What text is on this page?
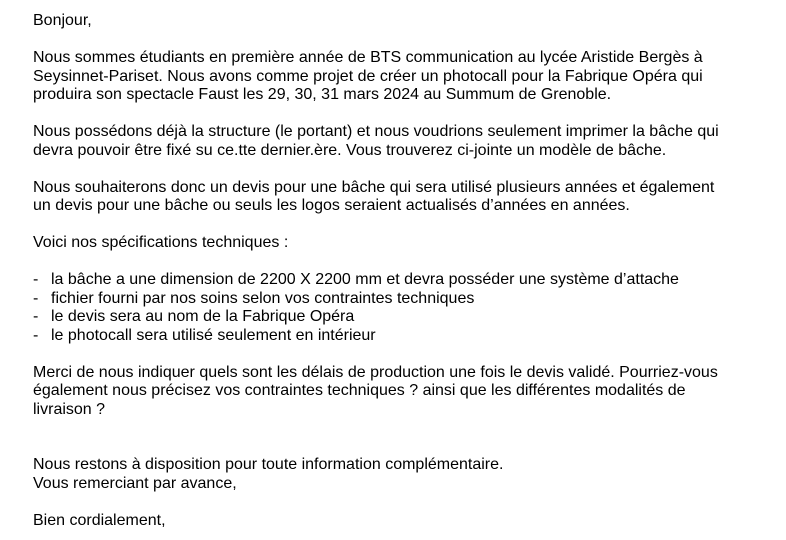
Bonjour,

Nous sommes étudiants en première année de BTS communication au lycée Aristide Bergès à
Seysinnet-Pariset. Nous avons comme projet de créer un photocall pour la Fabrique Opéra qui
produira son spectacle Faust les 29, 30, 31 mars 2024 au Summum de Grenoble.

Nous possédons déjà la structure (le portant) et nous voudrions seulement imprimer la bâche qui
devra pouvoir être fixé su ce.tte dernier.ère. Vous trouverez ci-jointe un modèle de bâche.

Nous souhaiterons donc un devis pour une bâche qui sera utilisé plusieurs années et également
un devis pour une bâche ou seuls les logos seraient actualisés d’années en années.

Voici nos spécifications techniques :

- la bâche a une dimension de 2200 X 2200 mm et devra posséder une système d’attache
- fichier fourni par nos soins selon vos contraintes techniques
- le devis sera au nom de la Fabrique Opéra
- le photocall sera utilisé seulement en intérieur

Merci de nous indiquer quels sont les délais de production une fois le devis validé. Pourriez-vous
également nous précisez vos contraintes techniques ? ainsi que les différentes modalités de
livraison ?

Nous restons à disposition pour toute information complémentaire.
Vous remerciant par avance,

Bien cordialement,
